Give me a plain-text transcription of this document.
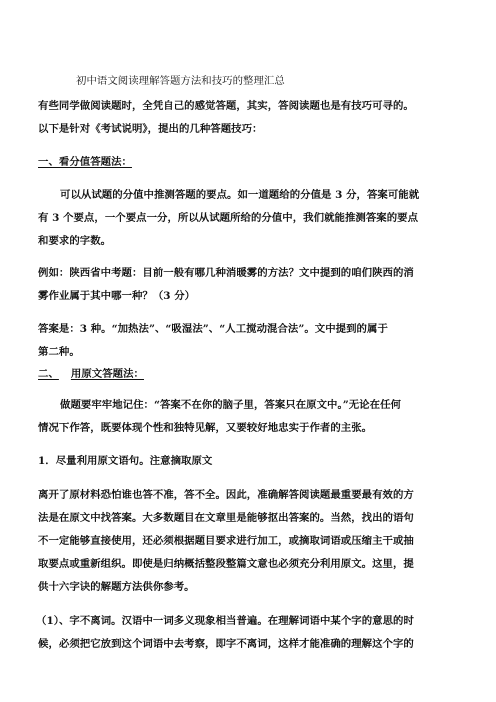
初中语文阅读理解答题方法和技巧的整理汇总
有些同学做阅读题时，全凭自己的感觉答题，其实，答阅读题也是有技巧可寻的。
以下是针对《考试说明》，提出的几种答题技巧：
一、看分值答题法：
可以从试题的分值中推测答题的要点。如一道题给的分值是 3 分，答案可能就
有 3 个要点，一个要点一分，所以从试题所给的分值中，我们就能推测答案的要点
和要求的字数。
例如：陕西省中考题：目前一般有哪几种消暖雾的方法？文中提到的咱们陕西的消
雾作业属于其中哪一种？（3 分）
答案是：3 种。“加热法”、“吸湿法”、“人工搅动混合法”。文中提到的属于
第二种。
二、 用原文答题法：
做题要牢牢地记住：“答案不在你的脑子里，答案只在原文中。”无论在任何
情况下作答，既要体现个性和独特见解，又要较好地忠实于作者的主张。
1．尽量利用原文语句。注意摘取原文
离开了原材料恐怕谁也答不准，答不全。因此，准确解答阅读题最重要最有效的方
法是在原文中找答案。大多数题目在文章里是能够抠出答案的。当然，找出的语句
不一定能够直接使用，还必须根据题目要求进行加工，或摘取词语或压缩主干或抽
取要点或重新组织。即使是归纳概括整段整篇文意也必须充分利用原文。这里，提
供十六字诀的解题方法供你参考。
（1）、字不离词。汉语中一词多义现象相当普遍。在理解词语中某个字的意思的时
候，必须把它放到这个词语中去考察，即字不离词，这样才能准确的理解这个字的
